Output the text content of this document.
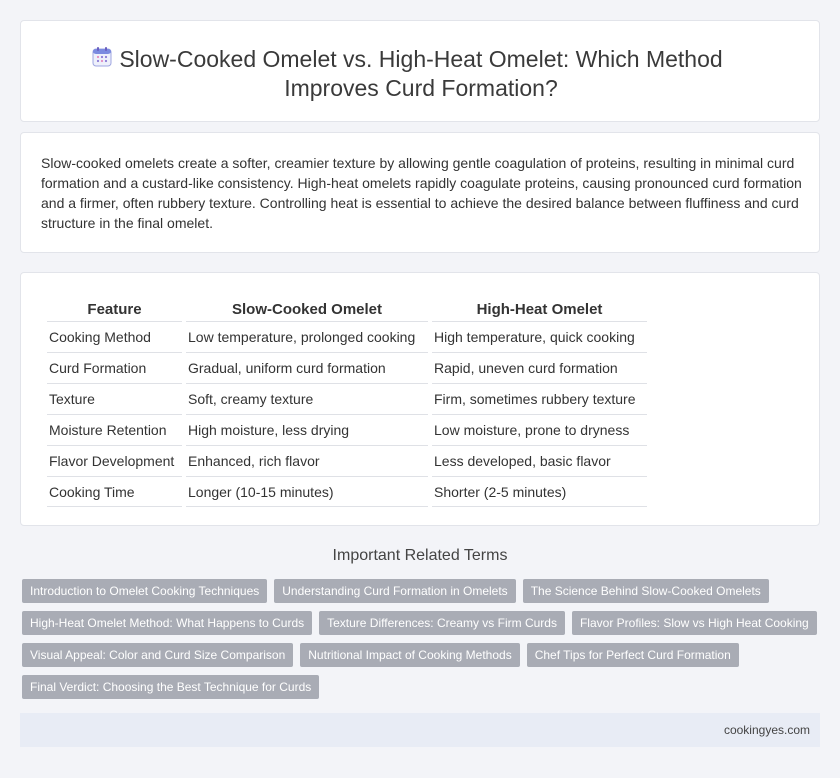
Slow-Cooked Omelet vs. High-Heat Omelet: Which Method
Improves Curd Formation?

Slow-cooked omelets create a softer, creamier texture by allowing gentle coagulation of proteins, resulting in minimal curd formation and a custard-like consistency. High-heat omelets rapidly coagulate proteins, causing pronounced curd formation and a firmer, often rubbery texture. Controlling heat is essential to achieve the desired balance between fluffiness and curd structure in the final omelet.

Feature	Slow-Cooked Omelet	High-Heat Omelet
Cooking Method	Low temperature, prolonged cooking	High temperature, quick cooking
Curd Formation	Gradual, uniform curd formation	Rapid, uneven curd formation
Texture	Soft, creamy texture	Firm, sometimes rubbery texture
Moisture Retention	High moisture, less drying	Low moisture, prone to dryness
Flavor Development	Enhanced, rich flavor	Less developed, basic flavor
Cooking Time	Longer (10-15 minutes)	Shorter (2-5 minutes)
Important Related Terms
Introduction to Omelet Cooking Techniques	Understanding Curd Formation in Omelets	The Science Behind Slow-Cooked Omelets
High-Heat Omelet Method: What Happens to Curds	Texture Differences: Creamy vs Firm Curds	Flavor Profiles: Slow vs High Heat Cooking
Visual Appeal: Color and Curd Size Comparison	Nutritional Impact of Cooking Methods	Chef Tips for Perfect Curd Formation
Final Verdict: Choosing the Best Technique for Curds
cookingyes.com
